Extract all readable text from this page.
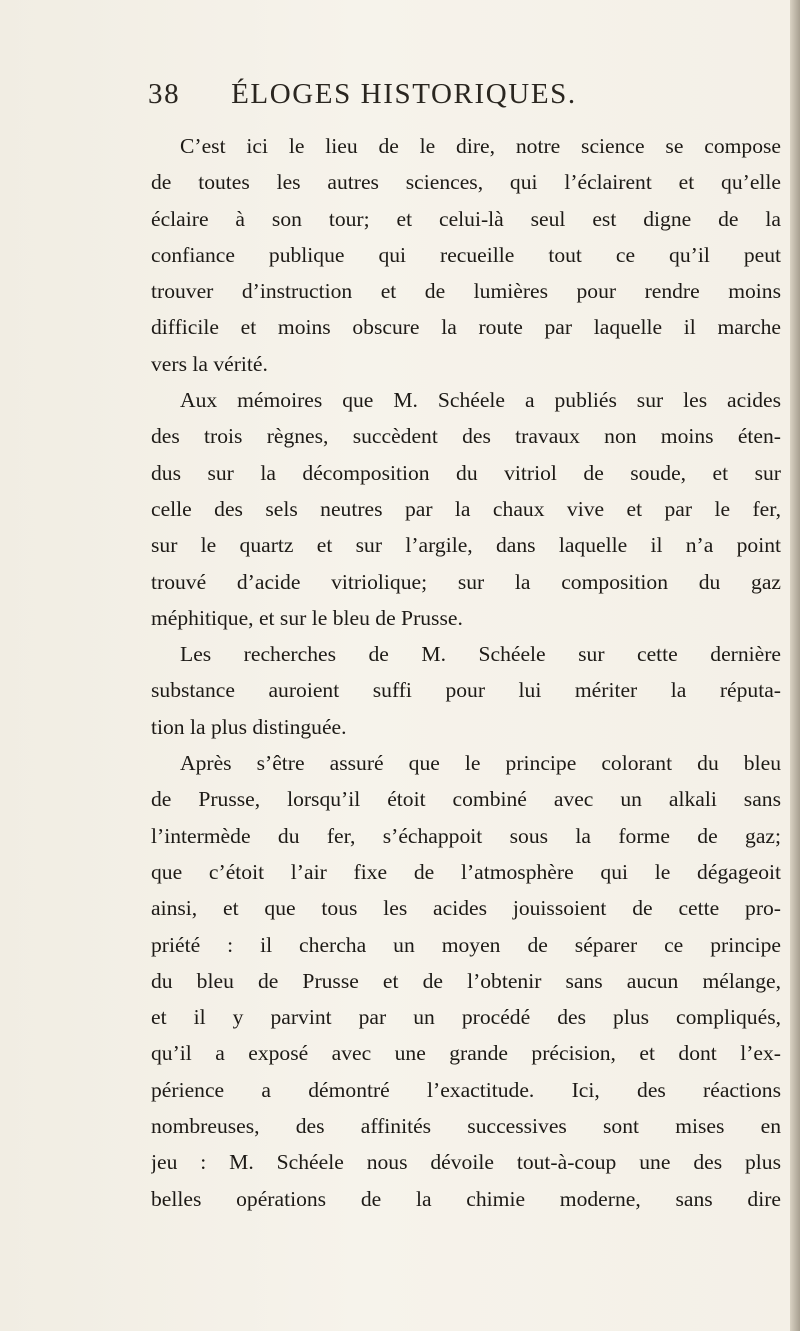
38 ÉLOGES HISTORIQUES.
C’est ici le lieu de le dire, notre science se compose
de toutes les autres sciences, qui l’éclairent et qu’elle
éclaire à son tour; et celui-là seul est digne de la
confiance publique qui recueille tout ce qu’il peut
trouver d’instruction et de lumières pour rendre moins
difficile et moins obscure la route par laquelle il marche
vers la vérité.
Aux mémoires que M. Schéele a publiés sur les acides
des trois règnes, succèdent des travaux non moins éten-
dus sur la décomposition du vitriol de soude, et sur
celle des sels neutres par la chaux vive et par le fer,
sur le quartz et sur l’argile, dans laquelle il n’a point
trouvé d’acide vitriolique; sur la composition du gaz
méphitique, et sur le bleu de Prusse.
Les recherches de M. Schéele sur cette dernière
substance auroient suffi pour lui mériter la réputa-
tion la plus distinguée.
Après s’être assuré que le principe colorant du bleu
de Prusse, lorsqu’il étoit combiné avec un alkali sans
l’intermède du fer, s’échappoit sous la forme de gaz;
que c’étoit l’air fixe de l’atmosphère qui le dégageoit
ainsi, et que tous les acides jouissoient de cette pro-
priété : il chercha un moyen de séparer ce principe
du bleu de Prusse et de l’obtenir sans aucun mélange,
et il y parvint par un procédé des plus compliqués,
qu’il a exposé avec une grande précision, et dont l’ex-
périence a démontré l’exactitude. Ici, des réactions
nombreuses, des affinités successives sont mises en
jeu : M. Schéele nous dévoile tout-à-coup une des plus
belles opérations de la chimie moderne, sans dire
